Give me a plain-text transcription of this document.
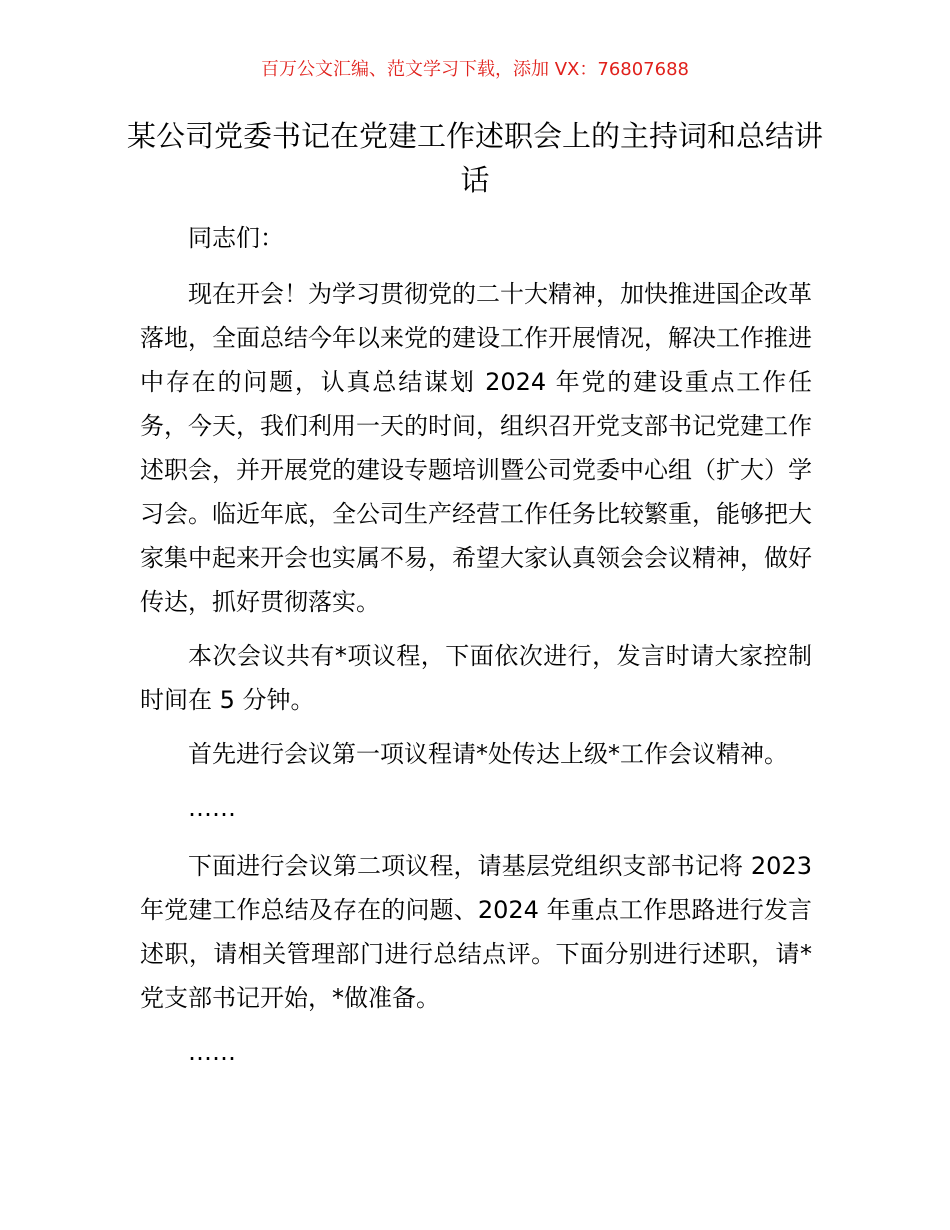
百万公文汇编、范文学习下载，添加 VX：76807688
某公司党委书记在党建工作述职会上的主持词和总结讲话

同志们：

现在开会！为学习贯彻党的二十大精神，加快推进国企改革落地，全面总结今年以来党的建设工作开展情况，解决工作推进中存在的问题，认真总结谋划 2024 年党的建设重点工作任务，今天，我们利用一天的时间，组织召开党支部书记党建工作述职会，并开展党的建设专题培训暨公司党委中心组（扩大）学习会。临近年底，全公司生产经营工作任务比较繁重，能够把大家集中起来开会也实属不易，希望大家认真领会会议精神，做好传达，抓好贯彻落实。

本次会议共有*项议程，下面依次进行，发言时请大家控制时间在 5 分钟。

首先进行会议第一项议程请*处传达上级*工作会议精神。

……

下面进行会议第二项议程，请基层党组织支部书记将 2023 年党建工作总结及存在的问题、2024 年重点工作思路进行发言述职，请相关管理部门进行总结点评。下面分别进行述职，请*党支部书记开始，*做准备。

……
